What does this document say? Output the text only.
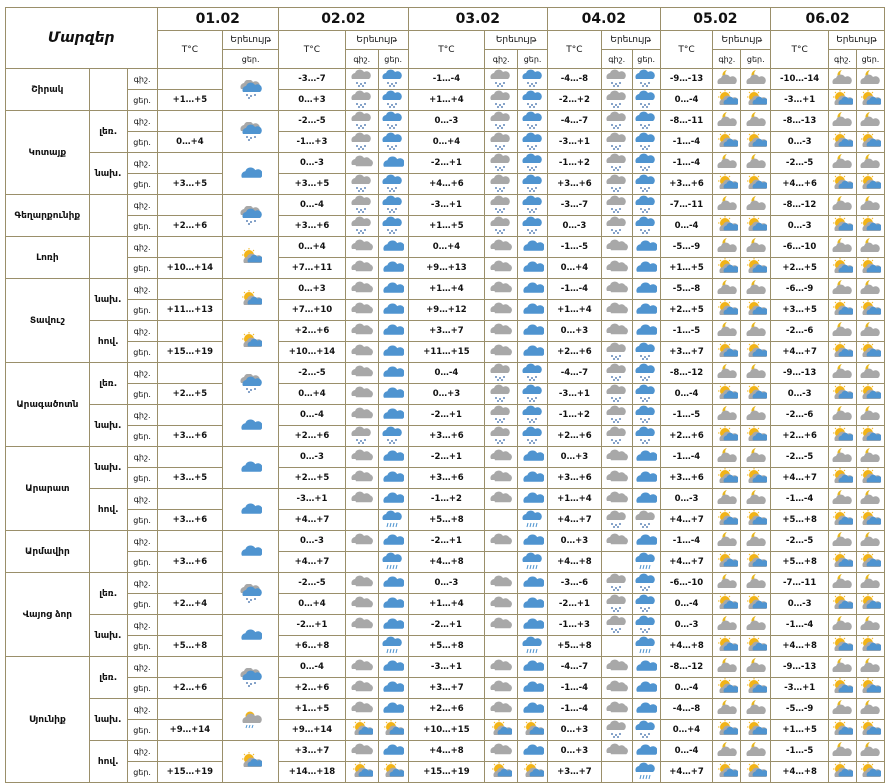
Մարզեր			01.02		02.02			03.02			04.02			05.02			06.02		
			T°C	Երեւույթ	T°C	Երեւույթ		T°C	Երեւույթ		T°C	Երեւույթ		T°C	Երեւույթ		T°C	Երեւույթ	
				ցեր.		գիշ.	ցեր.		գիշ.	ցեր.		գիշ.	ցեր.		գիշ.	ցեր.		գիշ.	ցեր.
Շիրակ		գիշ.			-3…-7			-1…-4			-4…-8			-9…-13			-10…-14	

		ցեր.	+1…+5		0…+3			+1…+4			-2…+2			0…-4			-3…+1	

Կոտայք	լեռ.	գիշ.			-2…-5			0…-3			-4…-7			-8…-11			-8…-13	

		ցեր.	0…+4		-1…+3			0…+4			-3…+1			-1…-4			0…-3	

	նախ.	գիշ.			0…-3			-2…+1			-1…+2			-1…-4			-2…-5	

		ցեր.	+3…+5		+3…+5			+4…+6			+3…+6			+3…+6			+4…+6	

Գեղարքունիք		գիշ.			0…-4			-3…+1			-3…-7			-7…-11			-8…-12	

		ցեր.	+2…+6		+3…+6			+1…+5			0…-3			0…-4			0…-3	

Լոռի		գիշ.			0…+4			0…+4			-1…-5			-5…-9			-6…-10	

		ցեր.	+10…+14		+7…+11			+9…+13			0…+4			+1…+5			+2…+5	

Տավուշ	նախ.	գիշ.			0…+3			+1…+4			-1…-4			-5…-8			-6…-9	

		ցեր.	+11…+13		+7…+10			+9…+12			+1…+4			+2…+5			+3…+5	

	հով.	գիշ.			+2…+6			+3…+7			0…+3			-1…-5			-2…-6	

		ցեր.	+15…+19		+10…+14			+11…+15			+2…+6			+3…+7			+4…+7	

Արագածոտն	լեռ.	գիշ.			-2…-5			0…-4			-4…-7			-8…-12			-9…-13	

		ցեր.	+2…+5		0…+4			0…+3			-3…+1			0…-4			0…-3	

	նախ.	գիշ.			0…-4			-2…+1			-1…+2			-1…-5			-2…-6	

		ցեր.	+3…+6		+2…+6			+3…+6			+2…+6			+2…+6			+2…+6	

Արարատ	նախ.	գիշ.			0…-3			-2…+1			0…+3			-1…-4			-2…-5	

		ցեր.	+3…+5		+2…+5			+3…+6			+3…+6			+3…+6			+4…+7	

	հով.	գիշ.			-3…+1			-1…+2			+1…+4			0…-3			-1…-4	

		ցեր.	+3…+6		+4…+7			+5…+8			+4…+7			+4…+7			+5…+8	

Արմավիր		գիշ.			0…-3			-2…+1			0…+3			-1…-4			-2…-5	

		ցեր.	+3…+6		+4…+7			+4…+8			+4…+8			+4…+7			+5…+8	

Վայոց ձոր	լեռ.	գիշ.			-2…-5			0…-3			-3…-6			-6…-10			-7…-11	

		ցեր.	+2…+4		0…+4			+1…+4			-2…+1			0…-4			0…-3	

	նախ.	գիշ.			-2…+1			-2…+1			-1…+3			0…-3			-1…-4	

		ցեր.	+5…+8		+6…+8			+5…+8			+5…+8			+4…+8			+4…+8	

Սյունիք	լեռ.	գիշ.			0…-4			-3…+1			-4…-7			-8…-12			-9…-13	

		ցեր.	+2…+6		+2…+6			+3…+7			-1…-4			0…-4			-3…+1	

	նախ.	գիշ.			+1…+5			+2…+6			-1…-4			-4…-8			-5…-9	

		ցեր.	+9…+14		+9…+14			+10…+15			0…+3			0…+4			+1…+5	

	հով.	գիշ.			+3…+7			+4…+8			0…+3			0…-4			-1…-5	

		ցեր.	+15…+19		+14…+18			+15…+19			+3…+7			+4…+7			+4…+8	
